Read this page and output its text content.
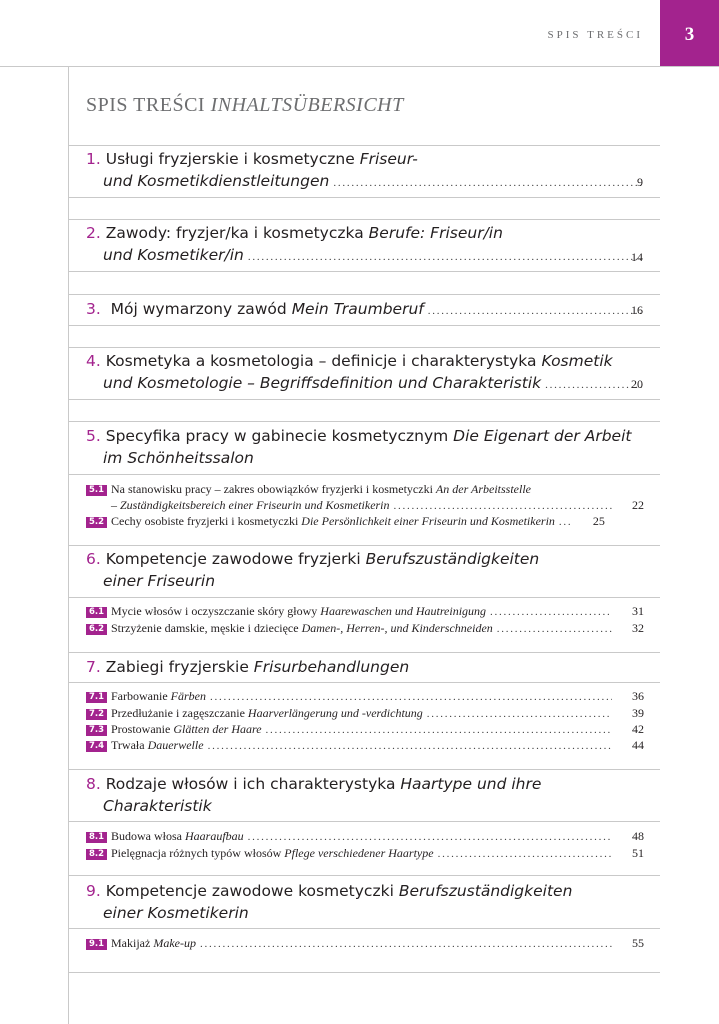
SPIS TREŚCI	3
SPIS TREŚCI INHALTSÜBERSICHT
1. Usługi fryzjerskie i kosmetyczne Friseur-
und Kosmetikdienstleitungen . . .	9
2. Zawody: fryzjer/ka i kosmetyczka Berufe: Friseur/in
und Kosmetiker/in . . .	14
3.
Mój wymarzony zawód
Mein Traumberuf . . .	16
4. Kosmetyka a kosmetologia – definicje i charakterystyka Kosmetik
und Kosmetologie – Begriffsdefinition und Charakteristik . . .	20
5. Specyfika pracy w gabinecie kosmetycznym Die Eigenart der Arbeit
im Schönheitssalon
5.1 Na stanowisku pracy – zakres obowiązków fryzjerki i kosmetyczki
An der Arbeitsstelle
– Zuständigkeitsbereich einer Friseurin und Kosmetikerin . . .	22
5.2 Cechy osobiste fryzjerki i kosmetyczki
Die Persönlichkeit einer Friseurin und Kosmetikerin . . .	25
6. Kompetencje zawodowe fryzjerki Berufszuständigkeiten
einer Friseurin
6.1 Mycie włosów i oczyszczanie skóry głowy
Haarewaschen und Hautreinigung . . .	31
6.2 Strzyżenie damskie, męskie i dziecięce
Damen-, Herren-, und Kinderschneiden . . .	32
7. Zabiegi fryzjerskie Frisurbehandlungen
7.1 Farbowanie
Färben . . .	36
7.2 Przedłużanie i zagęszczanie
Haarverlängerung und -verdichtung . . .	39
7.3 Prostowanie
Glätten der Haare . . .	42
7.4 Trwała
Dauerwelle . . .	44
8. Rodzaje włosów i ich charakterystyka Haartype und ihre
Charakteristik
8.1 Budowa włosa
Haaraufbau . . .	48
8.2 Pielęgnacja różnych typów włosów
Pflege verschiedener Haartype . . .	51
9. Kompetencje zawodowe kosmetyczki Berufszuständigkeiten
einer Kosmetikerin
9.1 Makijaż
Make-up . . .	55
